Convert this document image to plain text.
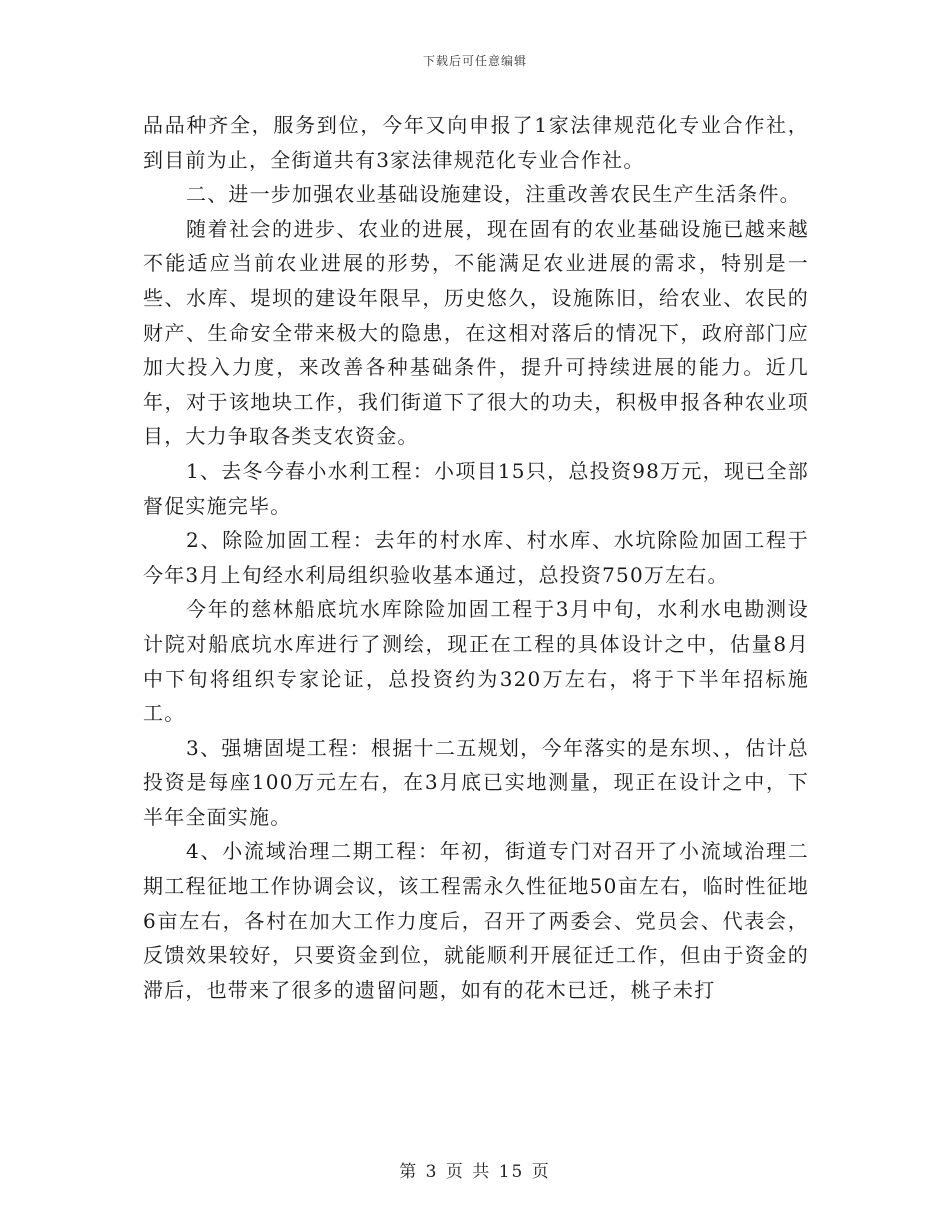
下载后可任意编辑

品品种齐全，服务到位，今年又向申报了1家法律规范化专业合作社，到目前为止，全街道共有3家法律规范化专业合作社。

二、进一步加强农业基础设施建设，注重改善农民生产生活条件。

随着社会的进步、农业的进展，现在固有的农业基础设施已越来越不能适应当前农业进展的形势，不能满足农业进展的需求，特别是一些、水库、堤坝的建设年限早，历史悠久，设施陈旧，给农业、农民的财产、生命安全带来极大的隐患，在这相对落后的情况下，政府部门应加大投入力度，来改善各种基础条件，提升可持续进展的能力。近几年，对于该地块工作，我们街道下了很大的功夫，积极申报各种农业项目，大力争取各类支农资金。

1、去冬今春小水利工程：小项目15只，总投资98万元，现已全部督促实施完毕。

2、除险加固工程：去年的村水库、村水库、水坑除险加固工程于今年3月上旬经水利局组织验收基本通过，总投资750万左右。

今年的慈林船底坑水库除险加固工程于3月中旬，水利水电勘测设计院对船底坑水库进行了测绘，现正在工程的具体设计之中，估量8月中下旬将组织专家论证，总投资约为320万左右，将于下半年招标施工。

3、强塘固堤工程：根据十二五规划，今年落实的是东坝、，估计总投资是每座100万元左右，在3月底已实地测量，现正在设计之中，下半年全面实施。

4、小流域治理二期工程：年初，街道专门对召开了小流域治理二期工程征地工作协调会议，该工程需永久性征地50亩左右，临时性征地6亩左右，各村在加大工作力度后，召开了两委会、党员会、代表会，反馈效果较好，只要资金到位，就能顺利开展征迁工作，但由于资金的滞后，也带来了很多的遗留问题，如有的花木已迁，桃子未打

第 3 页 共 15 页
